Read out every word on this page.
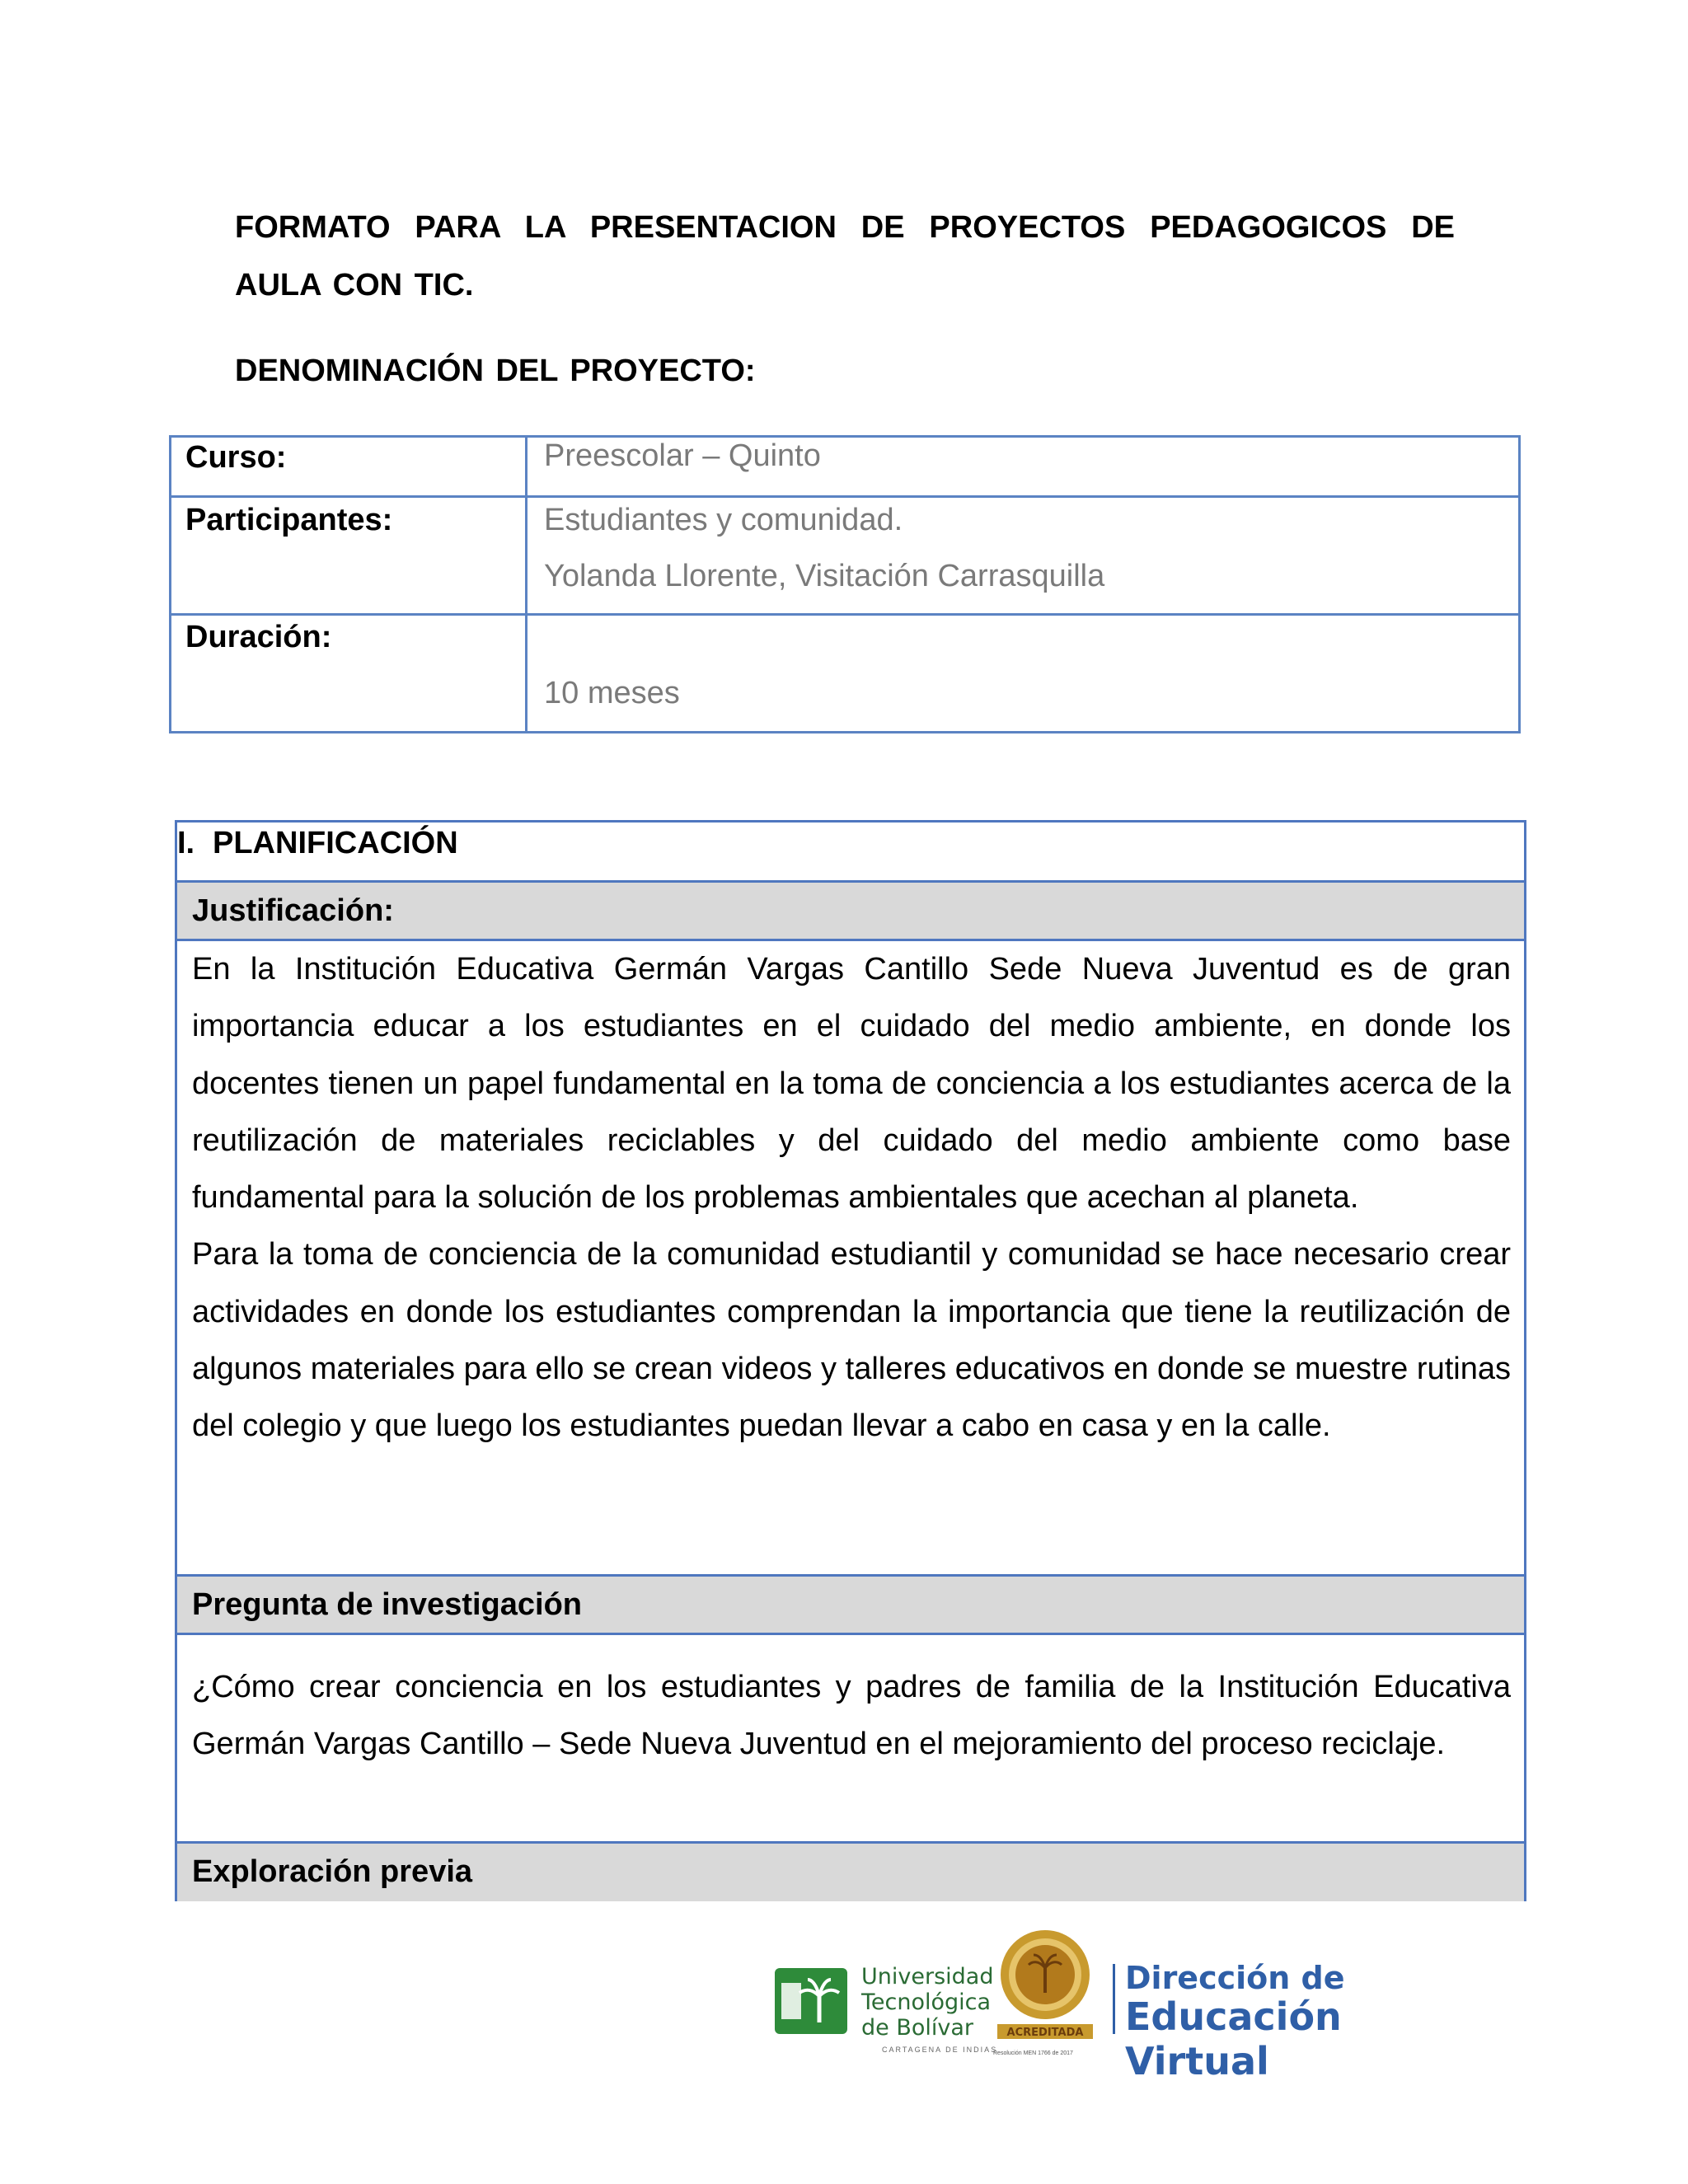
FORMATO PARA LA PRESENTACION DE PROYECTOS PEDAGOGICOS DE AULA CON TIC.
DENOMINACIÓN DEL PROYECTO:
Curso:	Preescolar – Quinto
Participantes:	Estudiantes y comunidad.
Yolanda Llorente, Visitación Carrasquilla
Duración:
10 meses
I. PLANIFICACIÓN
Justificación:

En la Institución Educativa Germán Vargas Cantillo Sede Nueva Juventud es de gran importancia educar a los estudiantes en el cuidado del medio ambiente, en donde los docentes tienen un papel fundamental en la toma de conciencia a los estudiantes acerca de la reutilización de materiales reciclables y del cuidado del medio ambiente como base fundamental para la solución de los problemas ambientales que acechan al planeta.

Para la toma de conciencia de la comunidad estudiantil y comunidad se hace necesario crear actividades en donde los estudiantes comprendan la importancia que tiene la reutilización de algunos materiales para ello se crean videos y talleres educativos en donde se muestre rutinas del colegio y que luego los estudiantes puedan llevar a cabo en casa y en la calle.

Pregunta de investigación
¿Cómo crear conciencia en los estudiantes y padres de familia de la Institución Educativa Germán Vargas Cantillo – Sede Nueva Juventud en el mejoramiento del proceso reciclaje.
Exploración previa
Universidad
Tecnológica
de Bolívar
CARTAGENA DE INDIAS
ACREDITADA
Resolución MEN 1766 de 2017
Dirección de
Educación Virtual
